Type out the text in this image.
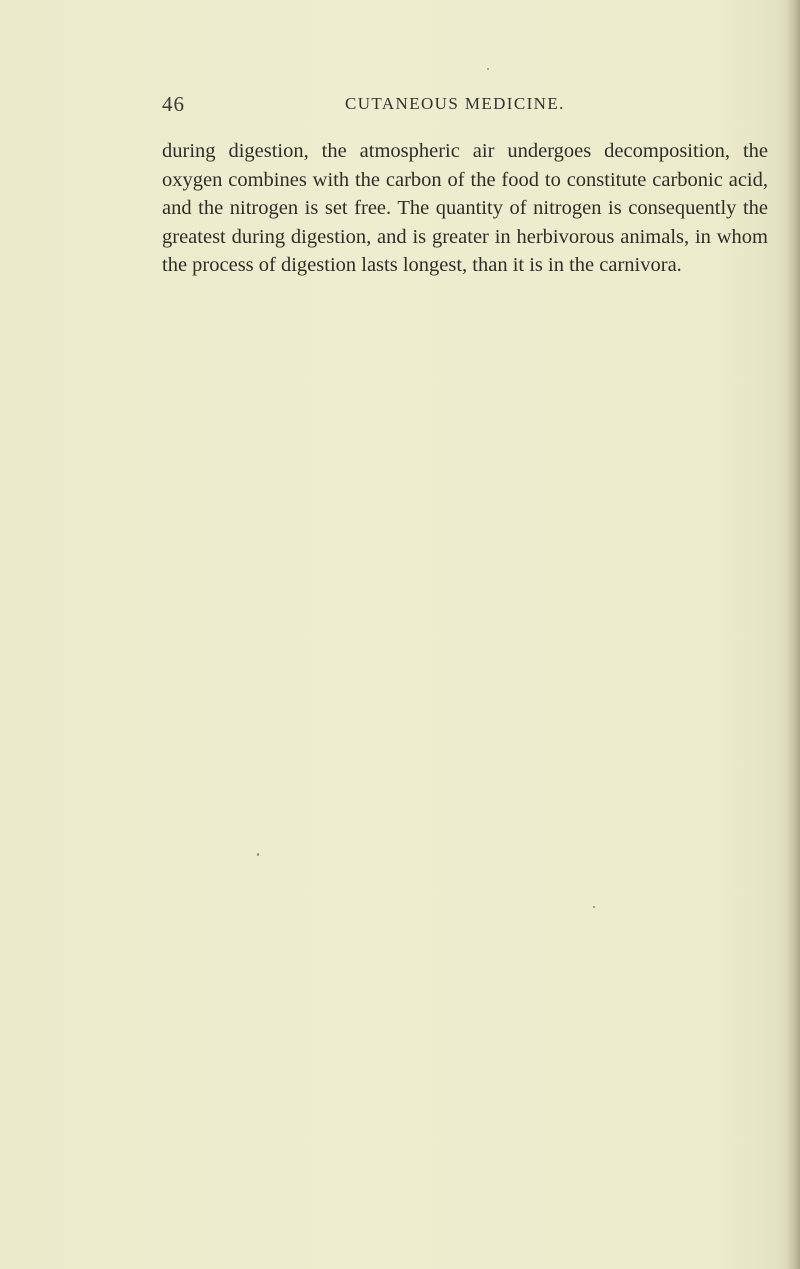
46	CUTANEOUS MEDICINE.

during digestion, the atmospheric air undergoes decomposition, the oxygen combines with the carbon of the food to constitute carbonic acid, and the nitrogen is set free. The quantity of nitrogen is consequently the greatest during digestion, and is greater in herbivorous animals, in whom the process of digestion lasts longest, than it is in the carnivora.
